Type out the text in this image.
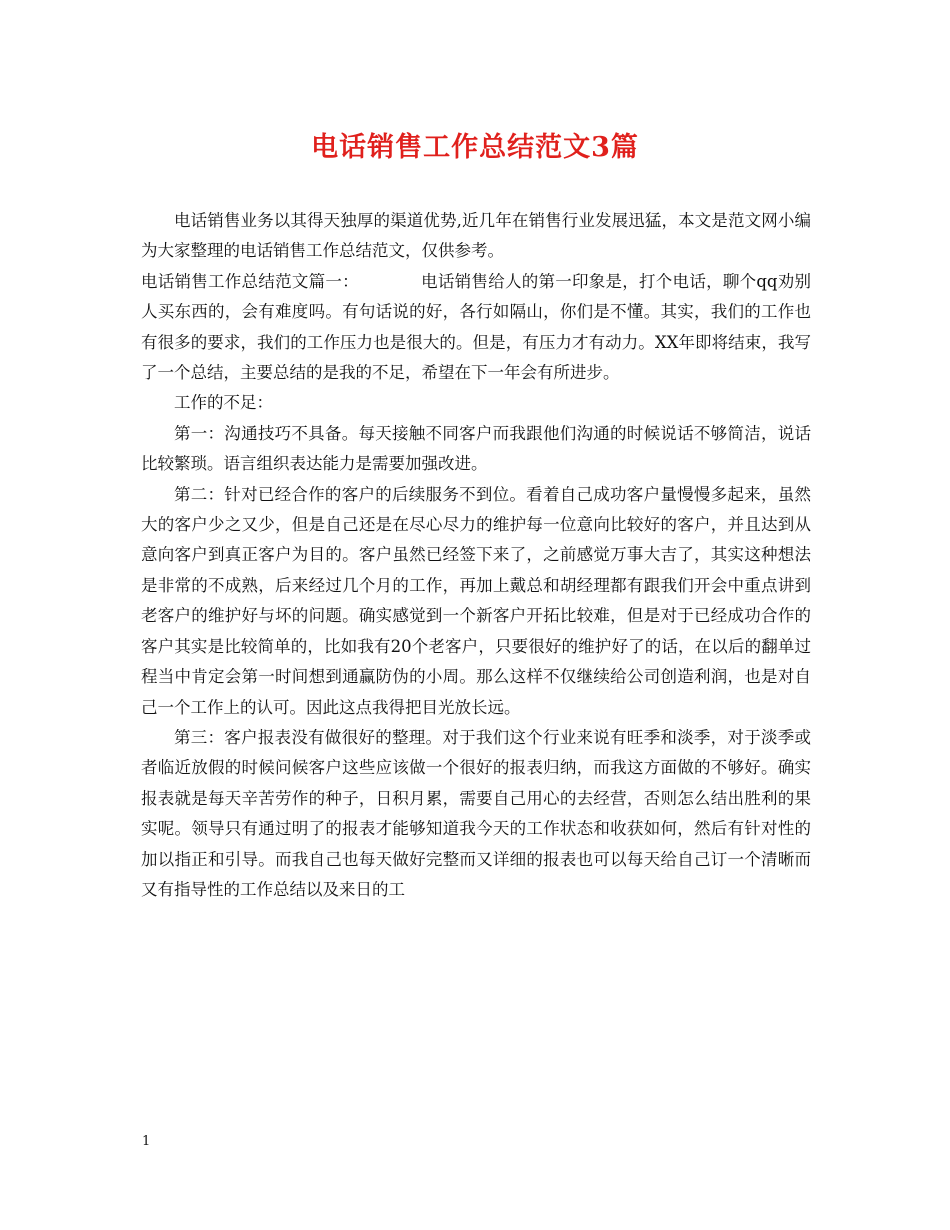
电话销售工作总结范文3篇

电话销售业务以其得天独厚的渠道优势,近几年在销售行业发展迅猛，本文是范文网小编为大家整理的电话销售工作总结范文，仅供参考。

电话销售工作总结范文篇一：	电话销售给人的第一印象是，打个电话，聊个qq劝别人买东西的，会有难度吗。有句话说的好，各行如隔山，你们是不懂。其实，我们的工作也有很多的要求，我们的工作压力也是很大的。但是，有压力才有动力。XX年即将结束，我写了一个总结，主要总结的是我的不足，希望在下一年会有所进步。

工作的不足：

第一：沟通技巧不具备。每天接触不同客户而我跟他们沟通的时候说话不够简洁，说话比较繁琐。语言组织表达能力是需要加强改进。

第二：针对已经合作的客户的后续服务不到位。看着自己成功客户量慢慢多起来，虽然大的客户少之又少，但是自己还是在尽心尽力的维护每一位意向比较好的客户，并且达到从意向客户到真正客户为目的。客户虽然已经签下来了，之前感觉万事大吉了，其实这种想法是非常的不成熟，后来经过几个月的工作，再加上戴总和胡经理都有跟我们开会中重点讲到老客户的维护好与坏的问题。确实感觉到一个新客户开拓比较难，但是对于已经成功合作的客户其实是比较简单的，比如我有20个老客户，只要很好的维护好了的话，在以后的翻单过程当中肯定会第一时间想到通赢防伪的小周。那么这样不仅继续给公司创造利润，也是对自己一个工作上的认可。因此这点我得把目光放长远。

第三：客户报表没有做很好的整理。对于我们这个行业来说有旺季和淡季，对于淡季或者临近放假的时候问候客户这些应该做一个很好的报表归纳，而我这方面做的不够好。确实报表就是每天辛苦劳作的种子，日积月累，需要自己用心的去经营，否则怎么结出胜利的果实呢。领导只有通过明了的报表才能够知道我今天的工作状态和收获如何，然后有针对性的加以指正和引导。而我自己也每天做好完整而又详细的报表也可以每天给自己订一个清晰而又有指导性的工作总结以及来日的工

1
